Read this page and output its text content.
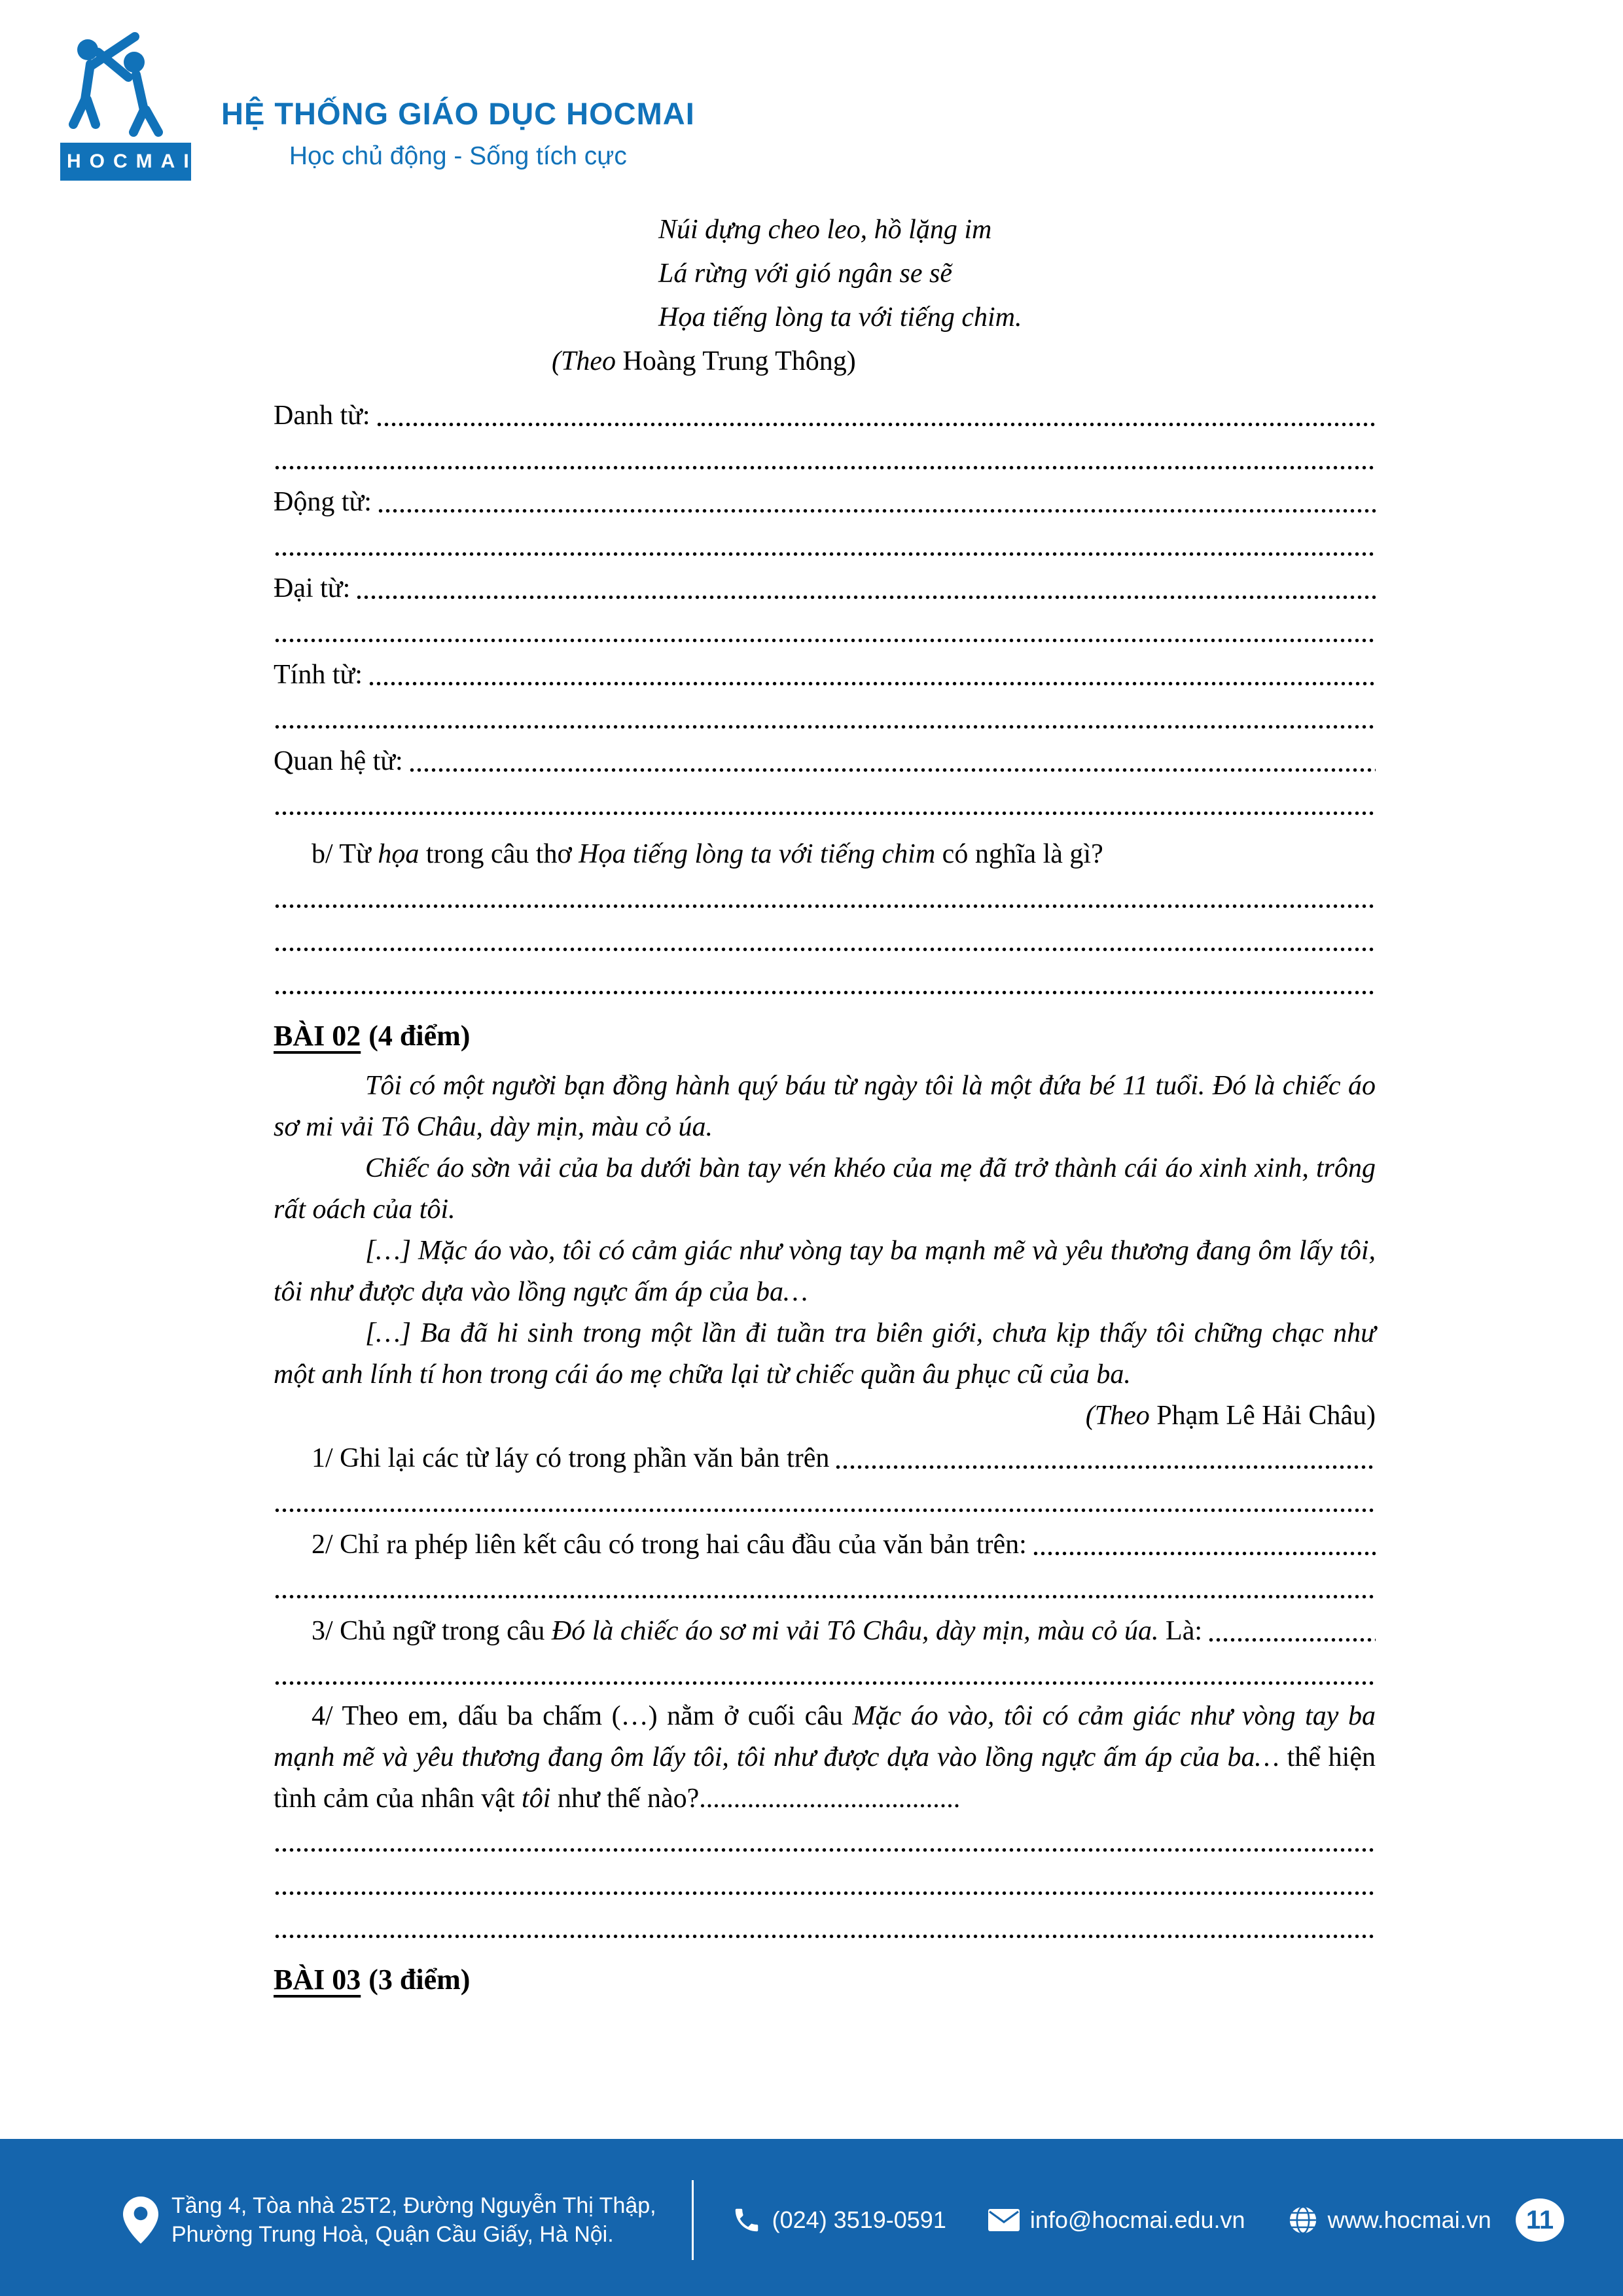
HOCMAI
HỆ THỐNG GIÁO DỤC HOCMAI
Học chủ động - Sống tích cực
Núi dựng cheo leo, hồ lặng im
Lá rừng với gió ngân se sẽ
Họa tiếng lòng ta với tiếng chim.
(Theo Hoàng Trung Thông)
Danh từ:
Động từ:
Đại từ:
Tính từ:
Quan hệ từ:
b/ Từ họa trong câu thơ Họa tiếng lòng ta với tiếng chim có nghĩa là gì?
BÀI 02 (4 điểm)

Tôi có một người bạn đồng hành quý báu từ ngày tôi là một đứa bé 11 tuổi. Đó là chiếc áo sơ mi vải Tô Châu, dày mịn, màu cỏ úa.

Chiếc áo sờn vải của ba dưới bàn tay vén khéo của mẹ đã trở thành cái áo xinh xinh, trông rất oách của tôi.

[…] Mặc áo vào, tôi có cảm giác như vòng tay ba mạnh mẽ và yêu thương đang ôm lấy tôi, tôi như được dựa vào lồng ngực ấm áp của ba…

[…] Ba đã hi sinh trong một lần đi tuần tra biên giới, chưa kịp thấy tôi chững chạc như một anh lính tí hon trong cái áo mẹ chữa lại từ chiếc quần âu phục cũ của ba.

(Theo Phạm Lê Hải Châu)
1/ Ghi lại các từ láy có trong phần văn bản trên
2/ Chỉ ra phép liên kết câu có trong hai câu đầu của văn bản trên:
3/ Chủ ngữ trong câu Đó là chiếc áo sơ mi vải Tô Châu, dày mịn, màu cỏ úa. Là:

4/ Theo em, dấu ba chấm (…) nằm ở cuối câu Mặc áo vào, tôi có cảm giác như vòng tay ba mạnh mẽ và yêu thương đang ôm lấy tôi, tôi như được dựa vào lồng ngực ấm áp của ba… thể hiện tình cảm của nhân vật tôi như thế nào?......................................

BÀI 03 (3 điểm)
Tầng 4, Tòa nhà 25T2, Đường Nguyễn Thị Thập,
Phường Trung Hoà, Quận Cầu Giấy, Hà Nội.
(024) 3519-0591	info@hocmai.edu.vn	www.hocmai.vn 11
